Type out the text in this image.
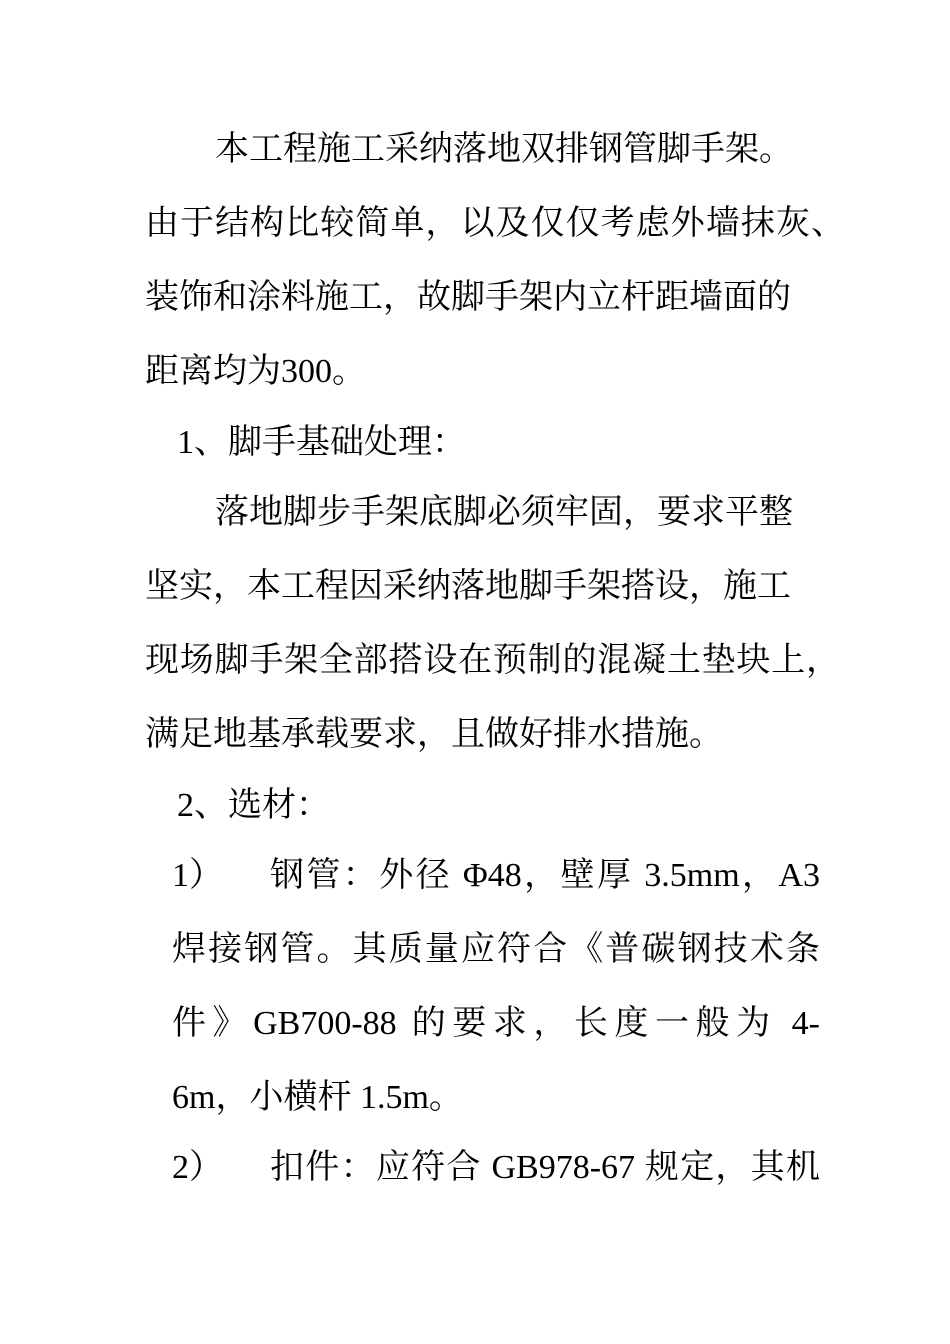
本工程施工采纳落地双排钢管脚手架。
由于结构比较简单，以及仅仅考虑外墙抹灰、
装饰和涂料施工，故脚手架内立杆距墙面的
距离均为300。
1、脚手基础处理：
落地脚步手架底脚必须牢固，要求平整
坚实，本工程因采纳落地脚手架搭设，施工
现场脚手架全部搭设在预制的混凝土垫块上，
满足地基承载要求，且做好排水措施。
2、选材：
1） 钢管：外径 Φ48，壁厚 3.5mm，A3
焊接钢管。其质量应符合《普碳钢技术条
件》GB700-88 的要求，长度一般为 4-
6m，小横杆 1.5m。
2） 扣件：应符合 GB978-67 规定，其机
